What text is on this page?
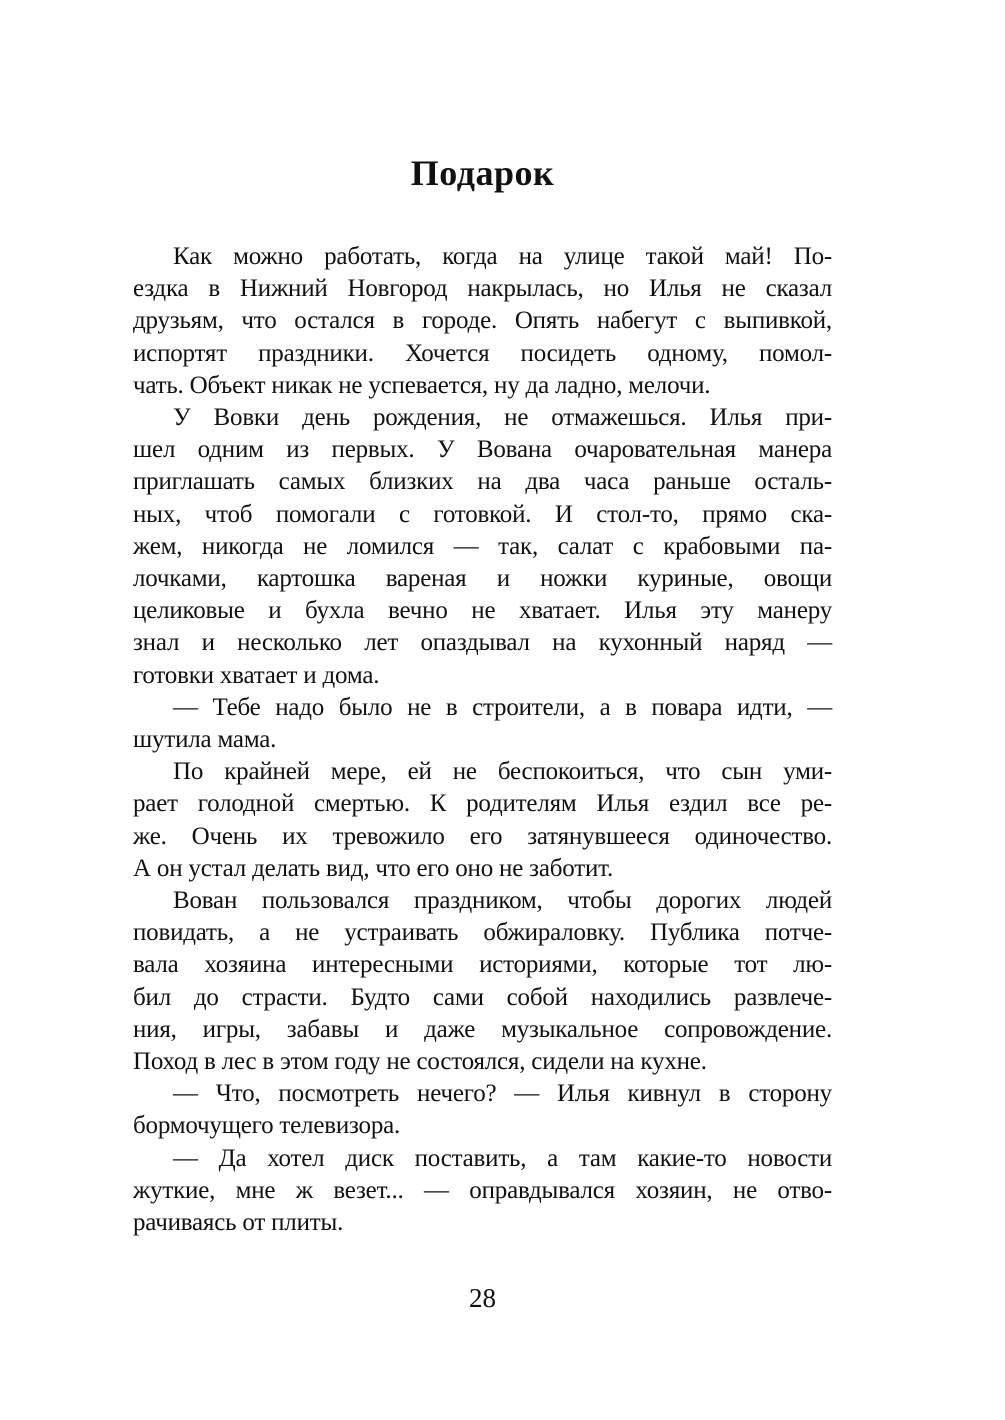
Подарок

Как можно работать, когда на улице такой май! По-
ездка в Нижний Новгород накрылась, но Илья не сказал
друзьям, что остался в городе. Опять набегут с выпивкой,
испортят праздники. Хочется посидеть одному, помол-
чать. Объект никак не успевается, ну да ладно, мелочи.

У Вовки день рождения, не отмажешься. Илья при-
шел одним из первых. У Вована очаровательная манера
приглашать самых близких на два часа раньше осталь-
ных, чтоб помогали с готовкой. И стол-то, прямо ска-
жем, никогда не ломился — так, салат с крабовыми па-
лочками, картошка вареная и ножки куриные, овощи
целиковые и бухла вечно не хватает. Илья эту манеру
знал и несколько лет опаздывал на кухонный наряд —
готовки хватает и дома.

— Тебе надо было не в строители, а в повара идти, —
шутила мама.

По крайней мере, ей не беспокоиться, что сын уми-
рает голодной смертью. К родителям Илья ездил все ре-
же. Очень их тревожило его затянувшееся одиночество.
А он устал делать вид, что его оно не заботит.

Вован пользовался праздником, чтобы дорогих людей
повидать, а не устраивать обжираловку. Публика потче-
вала хозяина интересными историями, которые тот лю-
бил до страсти. Будто сами собой находились развлече-
ния, игры, забавы и даже музыкальное сопровождение.
Поход в лес в этом году не состоялся, сидели на кухне.

— Что, посмотреть нечего? — Илья кивнул в сторону
бормочущего телевизора.

— Да хотел диск поставить, а там какие-то новости
жуткие, мне ж везет... — оправдывался хозяин, не отво-
рачиваясь от плиты.

28
